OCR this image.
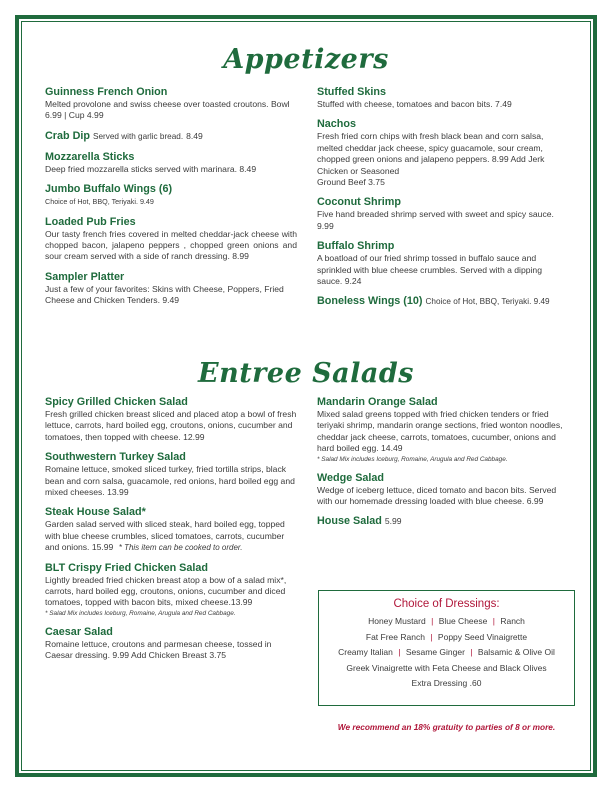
Appetizers
Guinness French Onion
Melted provolone and swiss cheese over toasted croutons. Bowl 6.99 | Cup 4.99
Crab Dip Served with garlic bread. 8.49
Mozzarella Sticks
Deep fried mozzarella sticks served with marinara. 8.49
Jumbo Buffalo Wings (6)
Choice of Hot, BBQ, Teriyaki. 9.49
Loaded Pub Fries
Our tasty french fries covered in melted cheddar-jack cheese with chopped bacon, jalapeno peppers , chopped green onions and sour cream served with a side of ranch dressing. 8.99
Sampler Platter
Just a few of your favorites: Skins with Cheese, Poppers, Fried Cheese and Chicken Tenders. 9.49
Stuffed Skins
Stuffed with cheese, tomatoes and bacon bits. 7.49
Nachos
Fresh fried corn chips with fresh black bean and corn salsa, melted cheddar jack cheese, spicy guacamole, sour cream, chopped green onions and jalapeno peppers. 8.99 Add Jerk Chicken or Seasoned
Ground Beef 3.75
Coconut Shrimp
Five hand breaded shrimp served with sweet and spicy sauce. 9.99
Buffalo Shrimp
A boatload of our fried shrimp tossed in buffalo sauce and sprinkled with blue cheese crumbles. Served with a dipping sauce. 9.24
Boneless Wings (10) Choice of Hot, BBQ, Teriyaki. 9.49
Entree Salads
Spicy Grilled Chicken Salad
Fresh grilled chicken breast sliced and placed atop a bowl of fresh lettuce, carrots, hard boiled egg, croutons, onions, cucumber and tomatoes, then topped with cheese. 12.99
Southwestern Turkey Salad
Romaine lettuce, smoked sliced turkey, fried tortilla strips, black bean and corn salsa, guacamole, red onions, hard boiled egg and mixed cheeses. 13.99
Steak House Salad*
Garden salad served with sliced steak, hard boiled egg, topped with blue cheese crumbles, sliced tomatoes, carrots, cucumber
and onions. 15.99 * This item can be cooked to order.
BLT Crispy Fried Chicken Salad
Lightly breaded fried chicken breast atop a bow of a salad mix*, carrots, hard boiled egg, croutons, onions, cucumber and diced tomatoes, topped with bacon bits, mixed cheese.13.99
* Salad Mix includes Iceburg, Romaine, Arugula and Red Cabbage.
Caesar Salad
Romaine lettuce, croutons and parmesan cheese, tossed in Caesar dressing. 9.99 Add Chicken Breast 3.75
Mandarin Orange Salad
Mixed salad greens topped with fried chicken tenders or fried teriyaki shrimp, mandarin orange sections, fried wonton noodles, cheddar jack cheese, carrots, tomatoes, cucumber, onions and hard boiled egg. 14.49
* Salad Mix includes Iceburg, Romaine, Arugula and Red Cabbage.
Wedge Salad
Wedge of iceberg lettuce, diced tomato and bacon bits. Served with our homemade dressing loaded with blue cheese. 6.99
House Salad 5.99
Choice of Dressings:
Honey Mustard | Blue Cheese | Ranch
Fat Free Ranch | Poppy Seed Vinaigrette
Creamy Italian | Sesame Ginger | Balsamic & Olive Oil
Greek Vinaigrette with Feta Cheese and Black Olives
Extra Dressing .60
We recommend an 18% gratuity to parties of 8 or more.
